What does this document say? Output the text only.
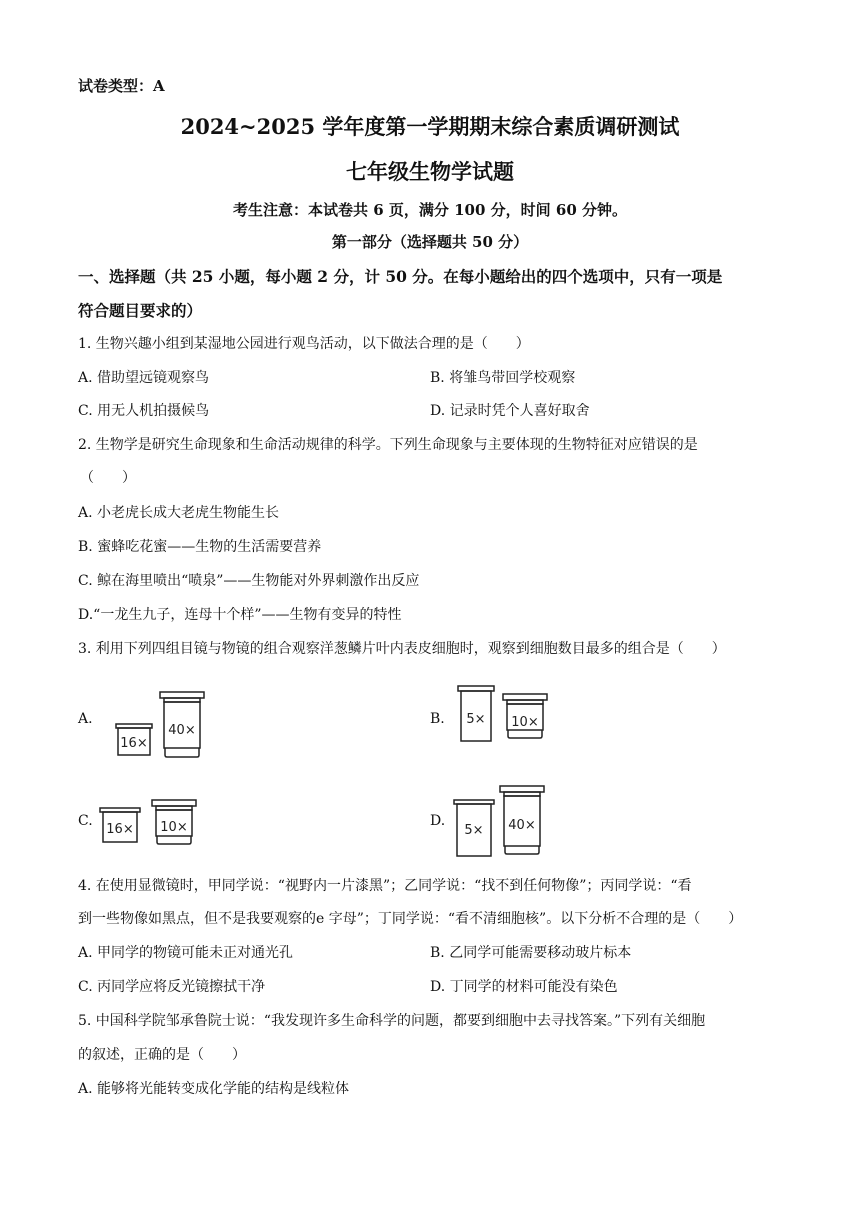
试卷类型：A
2024~2025 学年度第一学期期末综合素质调研测试
七年级生物学试题
考生注意：本试卷共 6 页，满分 100 分，时间 60 分钟。
第一部分（选择题共 50 分）
一、选择题（共 25 小题，每小题 2 分，计 50 分。在每小题给出的四个选项中，只有一项是
符合题目要求的）
1. 生物兴趣小组到某湿地公园进行观鸟活动，以下做法合理的是（　　）
A. 借助望远镜观察鸟	B. 将雏鸟带回学校观察
C. 用无人机拍摄候鸟	D. 记录时凭个人喜好取舍
2. 生物学是研究生命现象和生命活动规律的科学。下列生命现象与主要体现的生物特征对应错误的是
（　　）
A. 小老虎长成大老虎生物能生长
B. 蜜蜂吃花蜜——生物的生活需要营养
C. 鲸在海里喷出“喷泉”——生物能对外界刺激作出反应
D.“一龙生九子，连母十个样”——生物有变异的特性
3. 利用下列四组目镜与物镜的组合观察洋葱鳞片叶内表皮细胞时，观察到细胞数目最多的组合是（　　）
A.	B.
C.	D.
16×
40×
5× 10×
16× 10×	5× 40×
4. 在使用显微镜时，甲同学说：“视野内一片漆黑”；乙同学说：“找不到任何物像”；丙同学说：“看
到一些物像如黑点，但不是我要观察的e 字母”；丁同学说：“看不清细胞核”。以下分析不合理的是（　　）
A. 甲同学的物镜可能未正对通光孔	B. 乙同学可能需要移动玻片标本
C. 丙同学应将反光镜擦拭干净	D. 丁同学的材料可能没有染色
5. 中国科学院邹承鲁院士说：“我发现许多生命科学的问题，都要到细胞中去寻找答案。”下列有关细胞
的叙述，正确的是（　　）
A. 能够将光能转变成化学能的结构是线粒体
